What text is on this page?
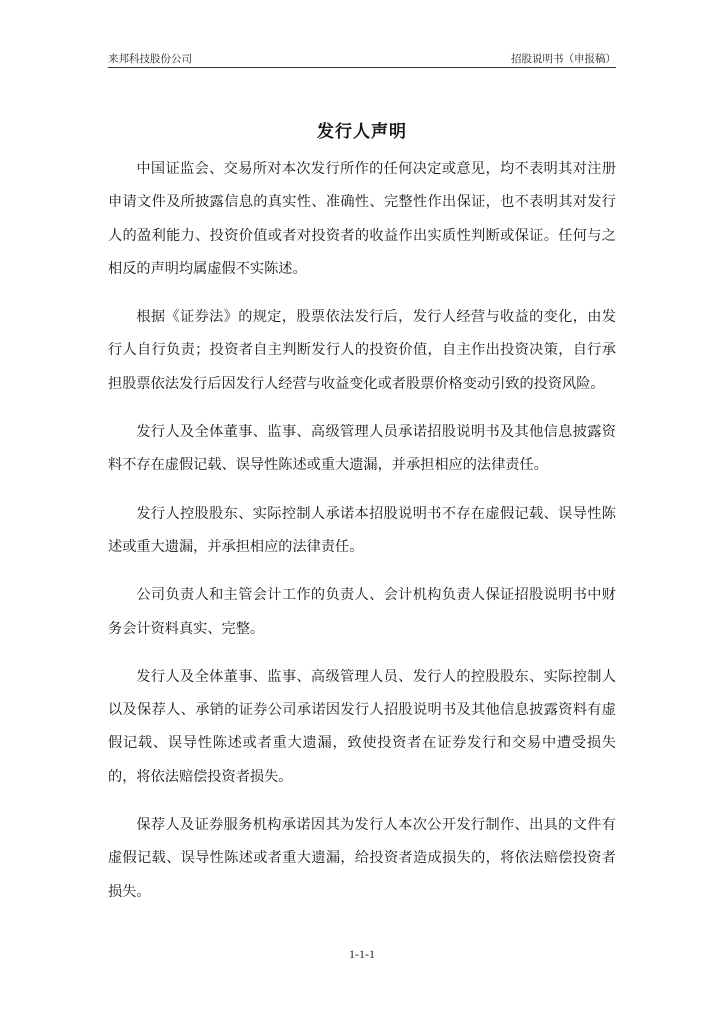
来邦科技股份公司	招股说明书（申报稿）
发行人声明

中国证监会、交易所对本次发行所作的任何决定或意见，均不表明其对注册申请文件及所披露信息的真实性、准确性、完整性作出保证，也不表明其对发行人的盈利能力、投资价值或者对投资者的收益作出实质性判断或保证。任何与之相反的声明均属虚假不实陈述。

根据《证券法》的规定，股票依法发行后，发行人经营与收益的变化，由发行人自行负责；投资者自主判断发行人的投资价值，自主作出投资决策，自行承担股票依法发行后因发行人经营与收益变化或者股票价格变动引致的投资风险。

发行人及全体董事、监事、高级管理人员承诺招股说明书及其他信息披露资料不存在虚假记载、误导性陈述或重大遗漏，并承担相应的法律责任。

发行人控股股东、实际控制人承诺本招股说明书不存在虚假记载、误导性陈述或重大遗漏，并承担相应的法律责任。

公司负责人和主管会计工作的负责人、会计机构负责人保证招股说明书中财务会计资料真实、完整。

发行人及全体董事、监事、高级管理人员、发行人的控股股东、实际控制人以及保荐人、承销的证券公司承诺因发行人招股说明书及其他信息披露资料有虚假记载、误导性陈述或者重大遗漏，致使投资者在证券发行和交易中遭受损失的，将依法赔偿投资者损失。

保荐人及证券服务机构承诺因其为发行人本次公开发行制作、出具的文件有虚假记载、误导性陈述或者重大遗漏，给投资者造成损失的，将依法赔偿投资者损失。

1-1-1
